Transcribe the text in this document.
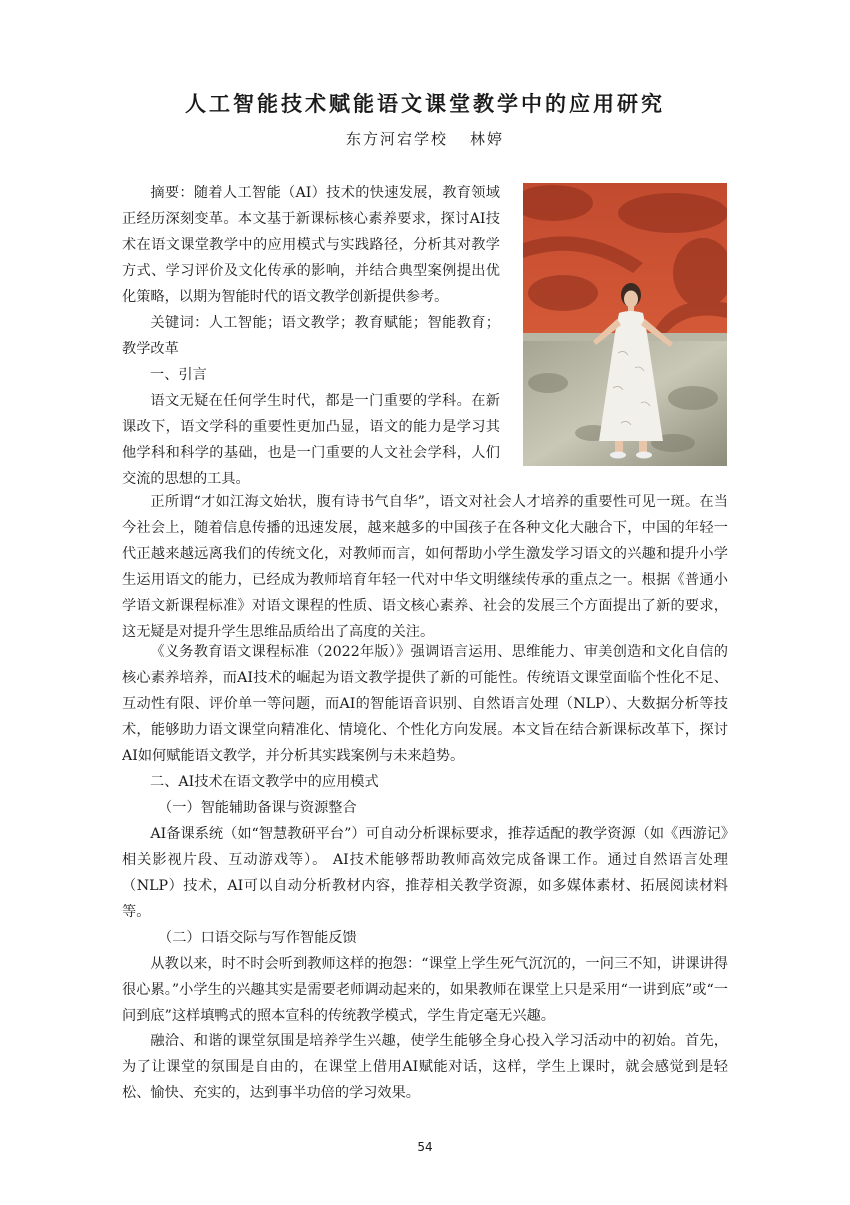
人工智能技术赋能语文课堂教学中的应用研究
东方河宕学校 林婷

摘要：随着人工智能（AI）技术的快速发展，教育领域正经历深刻变革。本文基于新课标核心素养要求，探讨AI技术在语文课堂教学中的应用模式与实践路径，分析其对教学方式、学习评价及文化传承的影响，并结合典型案例提出优化策略，以期为智能时代的语文教学创新提供参考。

关键词：人工智能；语文教学；教育赋能；智能教育；教学改革

一、引言

语文无疑在任何学生时代，都是一门重要的学科。在新课改下，语文学科的重要性更加凸显，语文的能力是学习其他学科和科学的基础，也是一门重要的人文社会学科，人们交流的思想的工具。

正所谓“才如江海文始状，腹有诗书气自华”，语文对社会人才培养的重要性可见一斑。在当今社会上，随着信息传播的迅速发展，越来越多的中国孩子在各种文化大融合下，中国的年轻一代正越来越远离我们的传统文化，对教师而言，如何帮助小学生激发学习语文的兴趣和提升小学生运用语文的能力，已经成为教师培育年轻一代对中华文明继续传承的重点之一。根据《普通小学语文新课程标准》对语文课程的性质、语文核心素养、社会的发展三个方面提出了新的要求，这无疑是对提升学生思维品质给出了高度的关注。

《义务教育语文课程标准（2022年版）》强调语言运用、思维能力、审美创造和文化自信的核心素养培养，而AI技术的崛起为语文教学提供了新的可能性。传统语文课堂面临个性化不足、互动性有限、评价单一等问题，而AI的智能语音识别、自然语言处理（NLP）、大数据分析等技术，能够助力语文课堂向精准化、情境化、个性化方向发展。本文旨在结合新课标改革下，探讨AI如何赋能语文教学，并分析其实践案例与未来趋势。

二、AI技术在语文教学中的应用模式

（一）智能辅助备课与资源整合

AI备课系统（如“智慧教研平台”）可自动分析课标要求，推荐适配的教学资源（如《西游记》相关影视片段、互动游戏等）。 AI技术能够帮助教师高效完成备课工作。通过自然语言处理（NLP）技术，AI可以自动分析教材内容，推荐相关教学资源，如多媒体素材、拓展阅读材料等。

（二）口语交际与写作智能反馈

从教以来，时不时会听到教师这样的抱怨：“课堂上学生死气沉沉的，一问三不知，讲课讲得很心累。”小学生的兴趣其实是需要老师调动起来的，如果教师在课堂上只是采用“一讲到底”或“一问到底”这样填鸭式的照本宣科的传统教学模式，学生肯定毫无兴趣。

融洽、和谐的课堂氛围是培养学生兴趣，使学生能够全身心投入学习活动中的初始。首先，为了让课堂的氛围是自由的，在课堂上借用AI赋能对话，这样，学生上课时，就会感觉到是轻松、愉快、充实的，达到事半功倍的学习效果。

54
